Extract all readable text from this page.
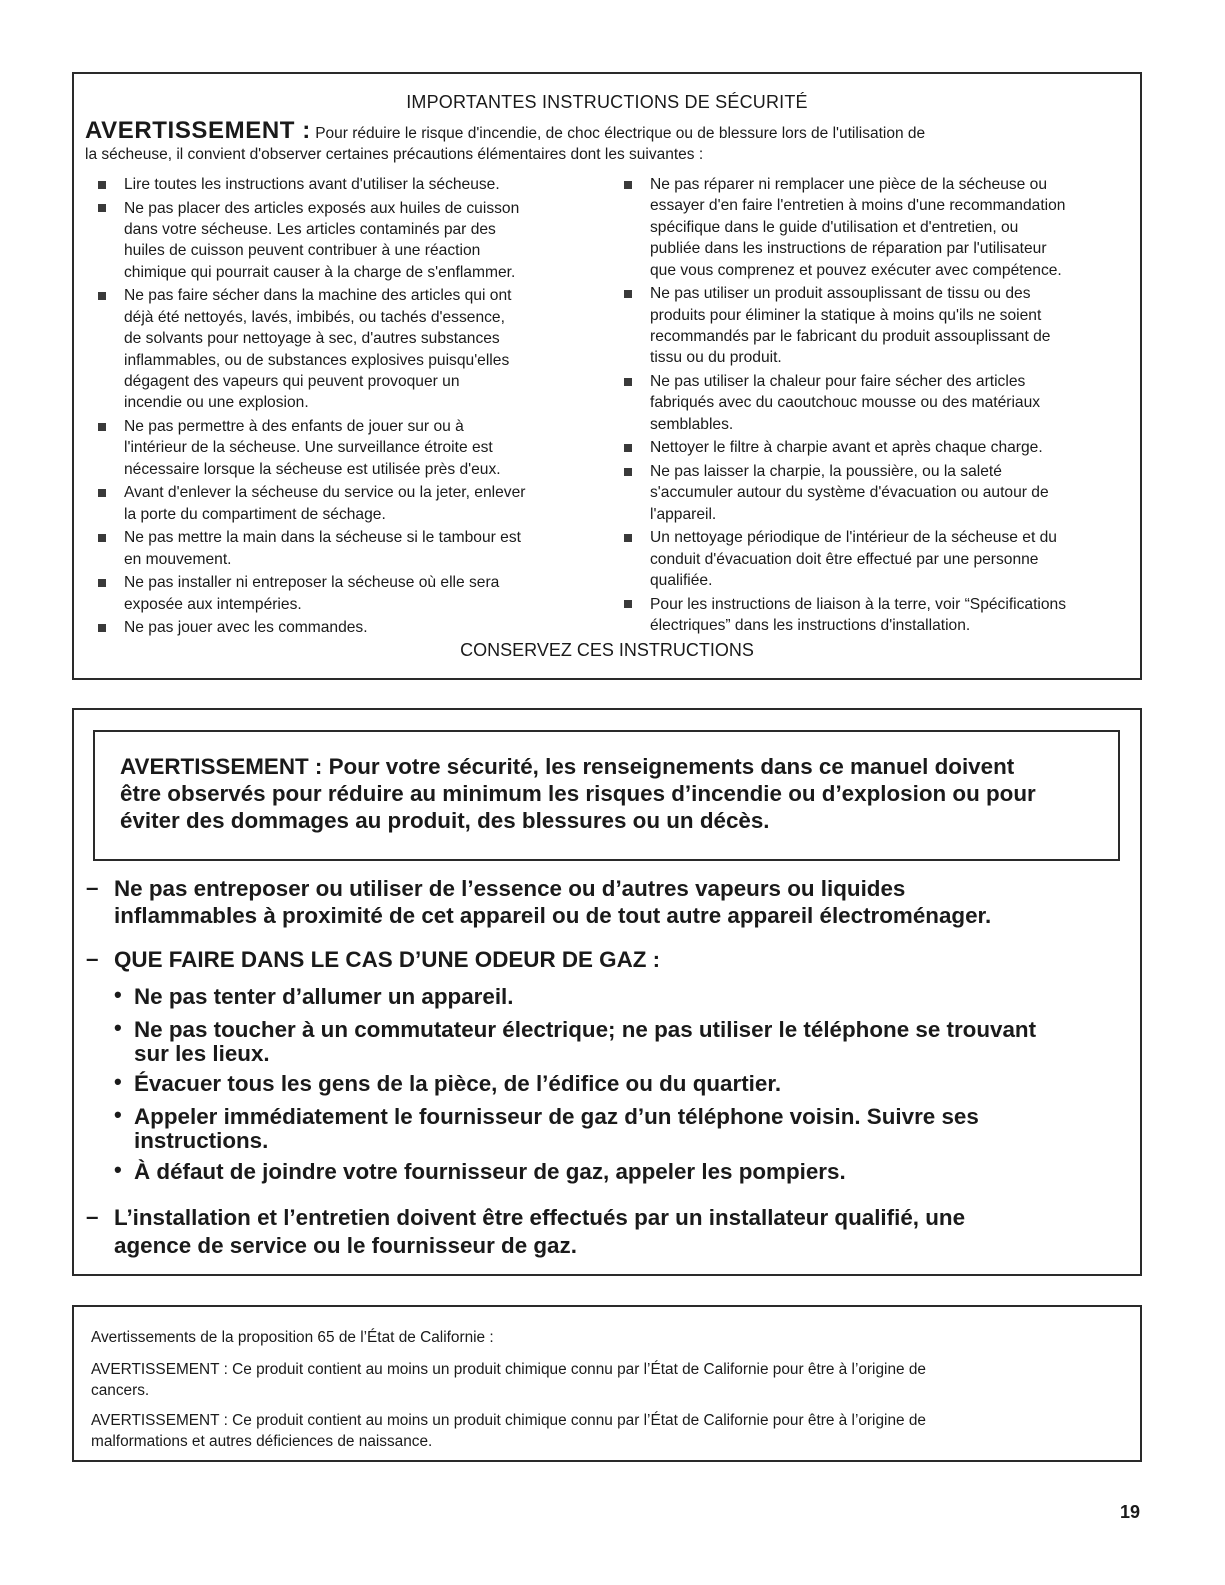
IMPORTANTES INSTRUCTIONS DE SÉCURITÉ
AVERTISSEMENT : Pour réduire le risque d'incendie, de choc électrique ou de blessure lors de l'utilisation de
la sécheuse, il convient d'observer certaines précautions élémentaires dont les suivantes :
Lire toutes les instructions avant d'utiliser la sécheuse.
Ne pas placer des articles exposés aux huiles de cuisson
dans votre sécheuse. Les articles contaminés par des
huiles de cuisson peuvent contribuer à une réaction
chimique qui pourrait causer à la charge de s'enflammer.
Ne pas faire sécher dans la machine des articles qui ont
déjà été nettoyés, lavés, imbibés, ou tachés d'essence,
de solvants pour nettoyage à sec, d'autres substances
inflammables, ou de substances explosives puisqu'elles
dégagent des vapeurs qui peuvent provoquer un
incendie ou une explosion.
Ne pas permettre à des enfants de jouer sur ou à
l'intérieur de la sécheuse. Une surveillance étroite est
nécessaire lorsque la sécheuse est utilisée près d'eux.
Avant d'enlever la sécheuse du service ou la jeter, enlever
la porte du compartiment de séchage.
Ne pas mettre la main dans la sécheuse si le tambour est
en mouvement.
Ne pas installer ni entreposer la sécheuse où elle sera
exposée aux intempéries.
Ne pas jouer avec les commandes.
Ne pas réparer ni remplacer une pièce de la sécheuse ou
essayer d'en faire l'entretien à moins d'une recommandation
spécifique dans le guide d'utilisation et d'entretien, ou
publiée dans les instructions de réparation par l'utilisateur
que vous comprenez et pouvez exécuter avec compétence.
Ne pas utiliser un produit assouplissant de tissu ou des
produits pour éliminer la statique à moins qu'ils ne soient
recommandés par le fabricant du produit assouplissant de
tissu ou du produit.
Ne pas utiliser la chaleur pour faire sécher des articles
fabriqués avec du caoutchouc mousse ou des matériaux
semblables.
Nettoyer le filtre à charpie avant et après chaque charge.
Ne pas laisser la charpie, la poussière, ou la saleté
s'accumuler autour du système d'évacuation ou autour de
l'appareil.
Un nettoyage périodique de l'intérieur de la sécheuse et du
conduit d'évacuation doit être effectué par une personne
qualifiée.
Pour les instructions de liaison à la terre, voir “Spécifications
électriques” dans les instructions d'installation.
CONSERVEZ CES INSTRUCTIONS
AVERTISSEMENT : Pour votre sécurité, les renseignements dans ce manuel doivent
être observés pour réduire au minimum les risques d’incendie ou d’explosion ou pour
éviter des dommages au produit, des blessures ou un décès.
– Ne pas entreposer ou utiliser de l’essence ou d’autres vapeurs ou liquides
inflammables à proximité de cet appareil ou de tout autre appareil électroménager.
– QUE FAIRE DANS LE CAS D’UNE ODEUR DE GAZ :
• Ne pas tenter d’allumer un appareil.
• Ne pas toucher à un commutateur électrique; ne pas utiliser le téléphone se trouvant
sur les lieux.
• Évacuer tous les gens de la pièce, de l’édifice ou du quartier.
• Appeler immédiatement le fournisseur de gaz d’un téléphone voisin. Suivre ses
instructions.
• À défaut de joindre votre fournisseur de gaz, appeler les pompiers.
– L’installation et l’entretien doivent être effectués par un installateur qualifié, une
agence de service ou le fournisseur de gaz.
Avertissements de la proposition 65 de l’État de Californie :
AVERTISSEMENT : Ce produit contient au moins un produit chimique connu par l’État de Californie pour être à l’origine de
cancers.
AVERTISSEMENT : Ce produit contient au moins un produit chimique connu par l’État de Californie pour être à l’origine de
malformations et autres déficiences de naissance.
19
